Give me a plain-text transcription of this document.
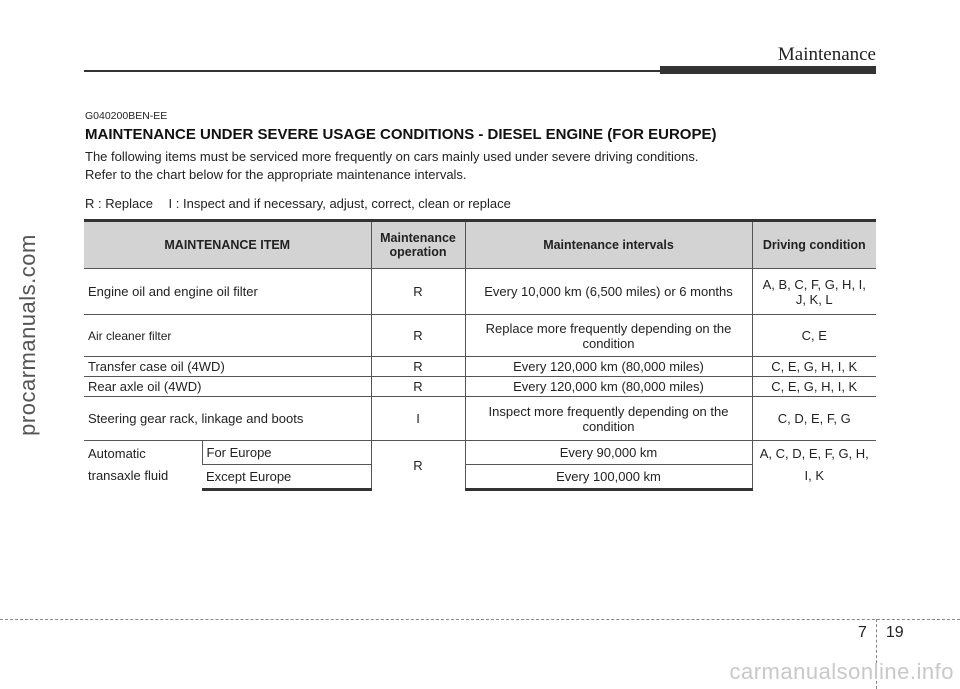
Maintenance
procarmanuals.com
G040200BEN-EE
MAINTENANCE UNDER SEVERE USAGE CONDITIONS - DIESEL ENGINE (FOR EUROPE)
The following items must be serviced more frequently on cars mainly used under severe driving conditions.
Refer to the chart below for the appropriate maintenance intervals.
R : Replace I : Inspect and if necessary, adjust, correct, clean or replace
MAINTENANCE ITEM		Maintenance operation	Maintenance intervals	Driving condition
Engine oil and engine oil filter		R	Every 10,000 km (6,500 miles) or 6 months	A, B, C, F, G, H, I, J, K, L
Air cleaner filter		R	Replace more frequently depending on the condition	C, E
Transfer case oil (4WD)		R	Every 120,000 km (80,000 miles)	C, E, G, H, I, K
Rear axle oil (4WD)		R	Every 120,000 km (80,000 miles)	C, E, G, H, I, K
Steering gear rack, linkage and boots		I	Inspect more frequently depending on the condition	C, D, E, F, G
Automatic transaxle fluid	For Europe	R	Every 90,000 km	A, C, D, E, F, G, H, I, K
	Except Europe		Every 100,000 km	
7 19
carmanualsonline.info
